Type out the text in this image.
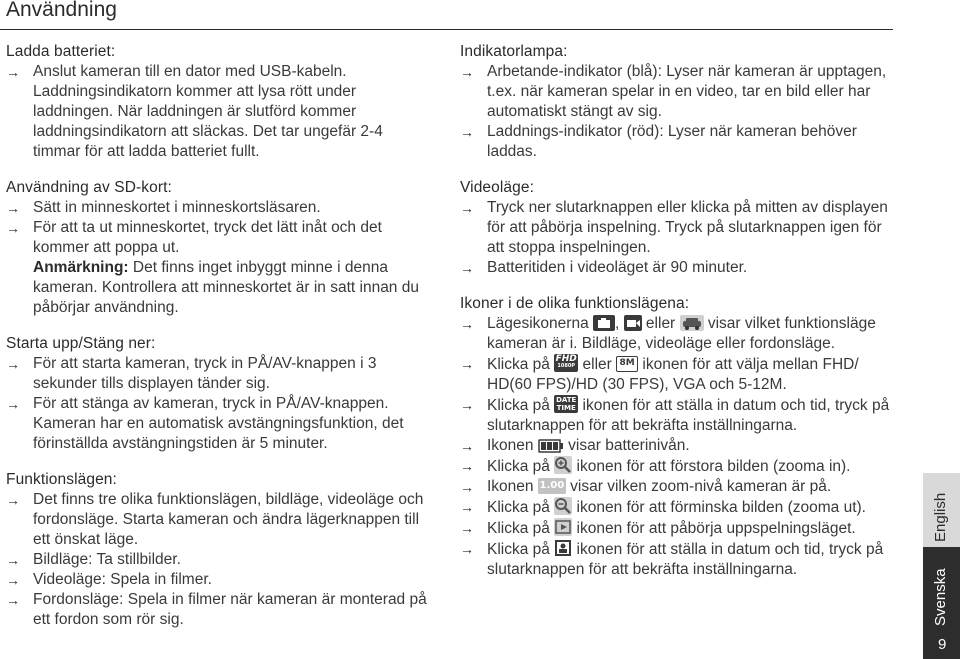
Användning
Ladda batteriet:
→ Anslut kameran till en dator med USB-kabeln. Laddningsindikatorn kommer att lysa rött under laddningen. När laddningen är slutförd kommer laddningsindikatorn att släckas. Det tar ungefär 2-4 timmar för att ladda batteriet fullt.
Användning av SD-kort:
→ Sätt in minneskortet i minneskortsläsaren.
→ För att ta ut minneskortet, tryck det lätt inåt och det kommer att poppa ut.
Anmärkning: Det finns inget inbyggt minne i denna kameran. Kontrollera att minneskortet är in satt innan du påbörjar användning.
Starta upp/Stäng ner:
→ För att starta kameran, tryck in PÅ/AV-knappen i 3 sekunder tills displayen tänder sig.
→ För att stänga av kameran, tryck in PÅ/AV-knappen.
Kameran har en automatisk avstängningsfunktion, det förinställda avstängningstiden är 5 minuter.
Funktionslägen:
→ Det finns tre olika funktionslägen, bildläge, videoläge och fordonsläge. Starta kameran och ändra lägerknappen till ett önskat läge.
→ Bildläge: Ta stillbilder.
→ Videoläge: Spela in filmer.
→ Fordonsläge: Spela in filmer när kameran är monterad på ett fordon som rör sig.
Indikatorlampa:
→ Arbetande-indikator (blå): Lyser när kameran är upptagen, t.ex. när kameran spelar in en video, tar en bild eller har automatiskt stängt av sig.
→ Laddnings-indikator (röd): Lyser när kameran behöver laddas.
Videoläge:
→ Tryck ner slutarknappen eller klicka på mitten av displayen för att påbörja inspelning. Tryck på slutarknappen igen för att stoppa inspelningen.
→ Batteritiden i videoläget är 90 minuter.
Ikoner i de olika funktionslägena:
→ Lägesikonerna ,  eller  visar vilket funktionsläge kameran är i. Bildläge, videoläge eller fordonsläge.
→ Klicka på FHD
1080P eller 8M ikonen för att välja mellan FHD/ HD(60 FPS)/HD (30 FPS), VGA och 5-12M.
→ Klicka på DATE
TIME ikonen för att ställa in datum och tid, tryck på slutarknappen för att bekräfta inställningarna.
→ Ikonen  visar batterinivån.
→ Klicka på  ikonen för att förstora bilden (zooma in).
→ Ikonen 1.00 visar vilken zoom-nivå kameran är på.
→ Klicka på  ikonen för att förminska bilden (zooma ut).
→ Klicka på  ikonen för att påbörja uppspelningsläget.
→ Klicka på  ikonen för att ställa in datum och tid, tryck på slutarknappen för att bekräfta inställningarna.
English
Svenska
9
